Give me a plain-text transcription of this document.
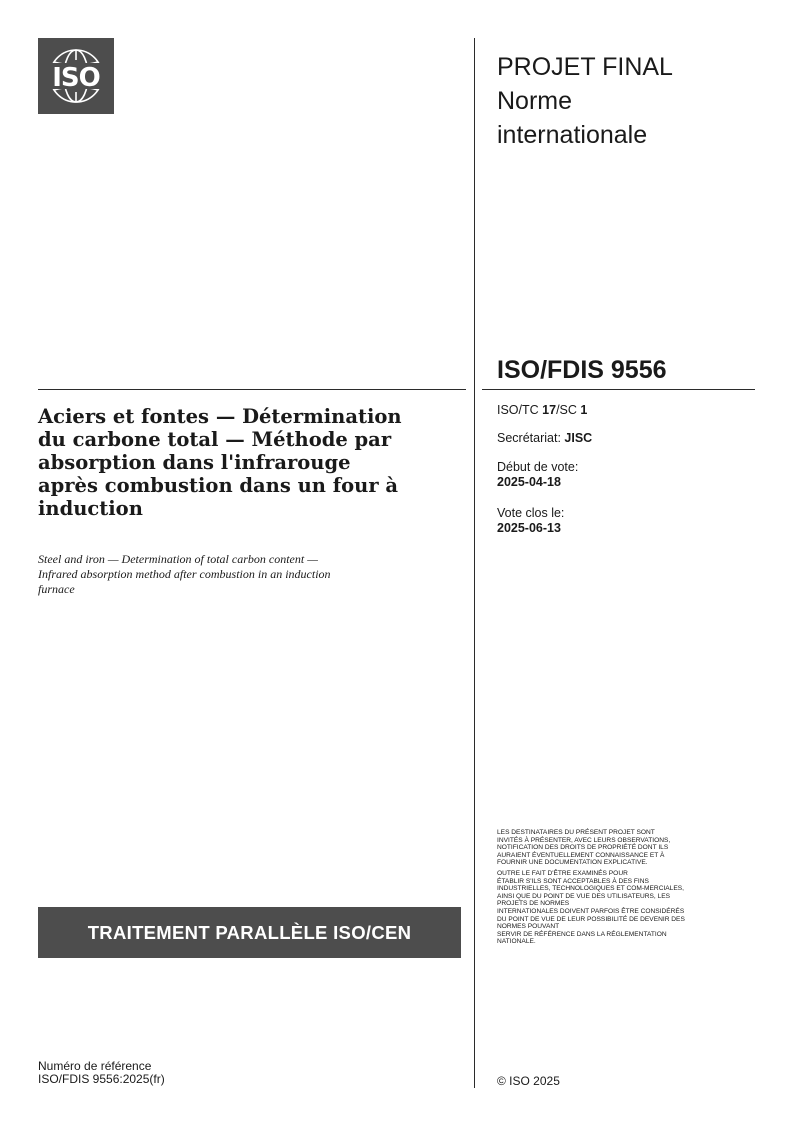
ISO	PROJET FINAL
Norme
internationale
ISO/FDIS 9556
Aciers et fontes — Détermination
du carbone total — Méthode par
absorption dans l'infrarouge
après combustion dans un four à
induction
Steel and iron — Determination of total carbon content —
Infrared absorption method after combustion in an induction
furnace
ISO/TC 17/SC 1
Secrétariat: JISC
Début de vote:
2025-04-18
Vote clos le:
2025-06-13
LES DESTINATAIRES DU PRÉSENT PROJET SONT
INVITÉS À PRÉSENTER, AVEC LEURS OBSERVATIONS,
NOTIFICATION DES DROITS DE PROPRIÉTÉ DONT ILS
AURAIENT ÉVENTUELLEMENT CONNAISSANCE ET À
FOURNIR UNE DOCUMENTATION EXPLICATIVE.
OUTRE LE FAIT D'ÊTRE EXAMINÉS POUR
ÉTABLIR S'ILS SONT ACCEPTABLES À DES FINS
INDUSTRIELLES, TECHNOLOGIQUES ET COM-MERCIALES,
AINSI QUE DU POINT DE VUE DES UTILISATEURS, LES
PROJETS DE NORMES
INTERNATIONALES DOIVENT PARFOIS ÊTRE CONSIDÉRÉS
DU POINT DE VUE DE LEUR POSSIBILITÉ DE DEVENIR DES
NORMES POUVANT
SERVIR DE RÉFÉRENCE DANS LA RÉGLEMENTATION
NATIONALE.
TRAITEMENT PARALLÈLE ISO/CEN
Numéro de référence
ISO/FDIS 9556:2025(fr)	© ISO 2025
